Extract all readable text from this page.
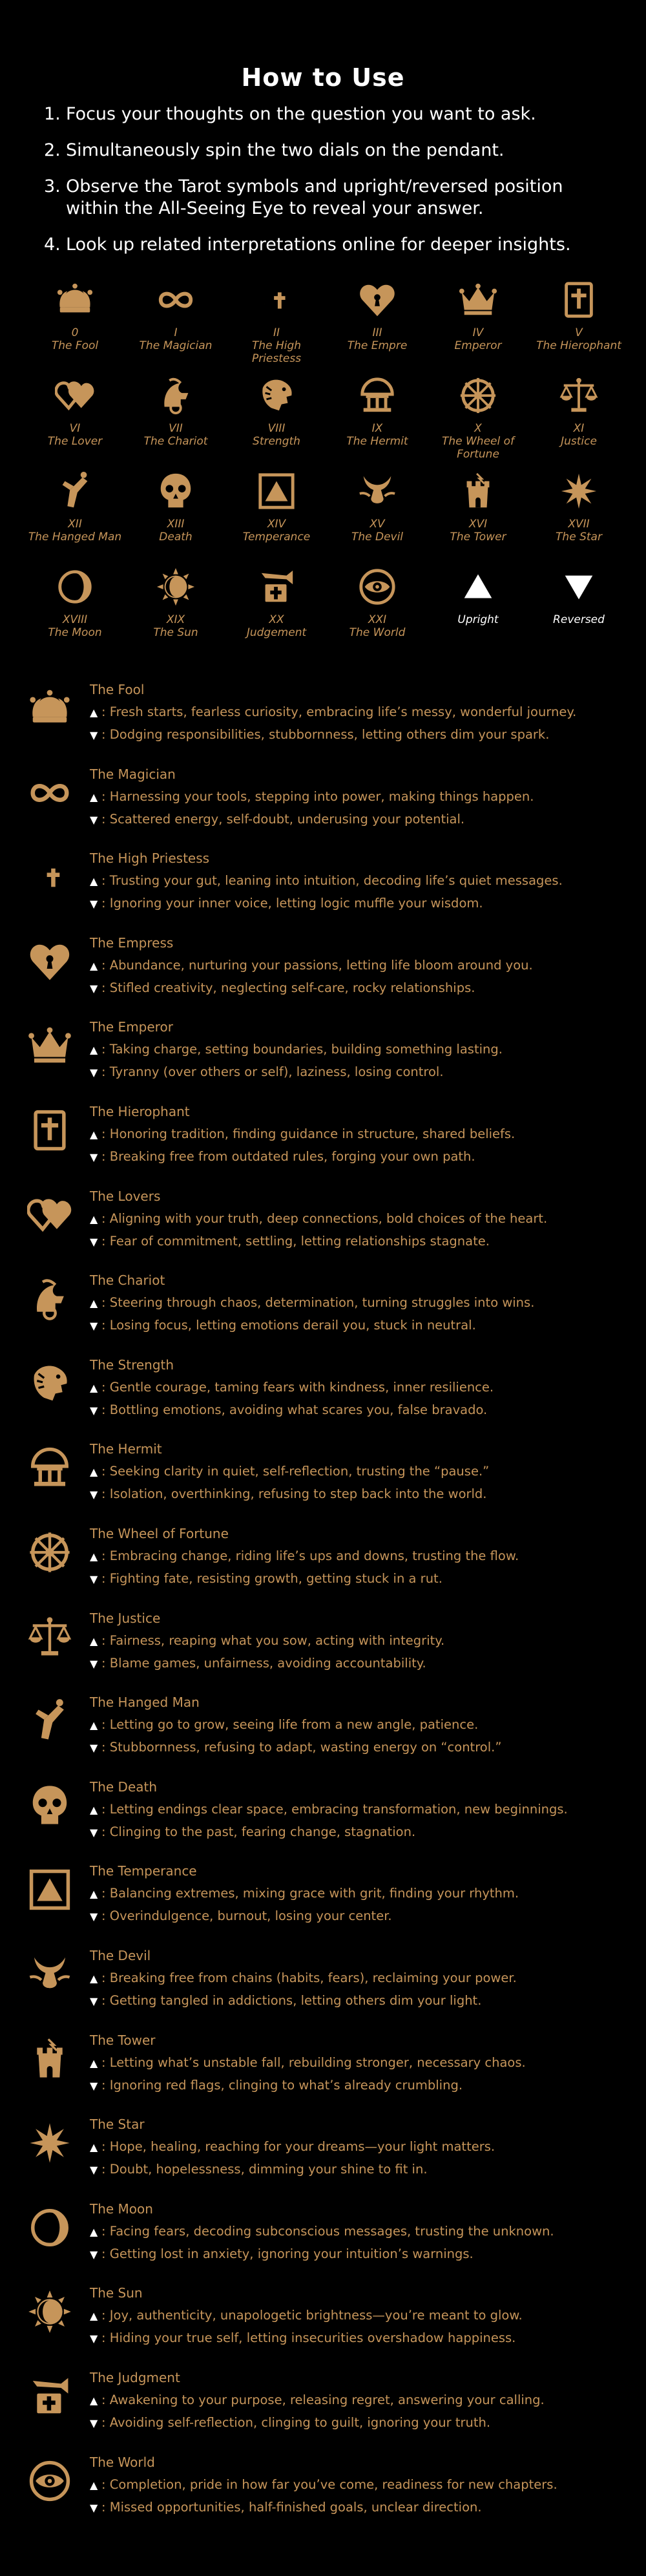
How to Use
1. Focus your thoughts on the question you want to ask.
2. Simultaneously spin the two dials on the pendant.
3. Observe the Tarot symbols and upright/reversed position within the All-Seeing Eye to reveal your answer.
4. Look up related interpretations online for deeper insights.
0
The Fool
I
The Magician
II
The High Priestess
III
The Empre
IV
Emperor
V
The Hierophant
VI
The Lover
VII
The Chariot
VIII
Strength
IX
The Hermit
X
The Wheel of Fortune
XI
Justice
XII
The Hanged Man
XIII
Death
XIV
Temperance
XV
The Devil
XVI
The Tower
XVII
The Star
XVIII
The Moon
XIX
The Sun
XX
Judgement
XXI
The World
Upright	Reversed
The Fool
▲ : Fresh starts, fearless curiosity, embracing life’s messy, wonderful journey.
▼ : Dodging responsibilities, stubbornness, letting others dim your spark.
The Magician
▲ : Harnessing your tools, stepping into power, making things happen.
▼ : Scattered energy, self-doubt, underusing your potential.
The High Priestess
▲ : Trusting your gut, leaning into intuition, decoding life’s quiet messages.
▼ : Ignoring your inner voice, letting logic muffle your wisdom.
The Empress
▲ : Abundance, nurturing your passions, letting life bloom around you.
▼ : Stifled creativity, neglecting self-care, rocky relationships.
The Emperor
▲ : Taking charge, setting boundaries, building something lasting.
▼ : Tyranny (over others or self), laziness, losing control.
The Hierophant
▲ : Honoring tradition, finding guidance in structure, shared beliefs.
▼ : Breaking free from outdated rules, forging your own path.
The Lovers
▲ : Aligning with your truth, deep connections, bold choices of the heart.
▼ : Fear of commitment, settling, letting relationships stagnate.
The Chariot
▲ : Steering through chaos, determination, turning struggles into wins.
▼ : Losing focus, letting emotions derail you, stuck in neutral.
The Strength
▲ : Gentle courage, taming fears with kindness, inner resilience.
▼ : Bottling emotions, avoiding what scares you, false bravado.
The Hermit
▲ : Seeking clarity in quiet, self-reflection, trusting the “pause.”
▼ : Isolation, overthinking, refusing to step back into the world.
The Wheel of Fortune
▲ : Embracing change, riding life’s ups and downs, trusting the flow.
▼ : Fighting fate, resisting growth, getting stuck in a rut.
The Justice
▲ : Fairness, reaping what you sow, acting with integrity.
▼ : Blame games, unfairness, avoiding accountability.
The Hanged Man
▲ : Letting go to grow, seeing life from a new angle, patience.
▼ : Stubbornness, refusing to adapt, wasting energy on “control.”
The Death
▲ : Letting endings clear space, embracing transformation, new beginnings.
▼ : Clinging to the past, fearing change, stagnation.
The Temperance
▲ : Balancing extremes, mixing grace with grit, finding your rhythm.
▼ : Overindulgence, burnout, losing your center.
The Devil
▲ : Breaking free from chains (habits, fears), reclaiming your power.
▼ : Getting tangled in addictions, letting others dim your light.
The Tower
▲ : Letting what’s unstable fall, rebuilding stronger, necessary chaos.
▼ : Ignoring red flags, clinging to what’s already crumbling.
The Star
▲ : Hope, healing, reaching for your dreams—your light matters.
▼ : Doubt, hopelessness, dimming your shine to fit in.
The Moon
▲ : Facing fears, decoding subconscious messages, trusting the unknown.
▼ : Getting lost in anxiety, ignoring your intuition’s warnings.
The Sun
▲ : Joy, authenticity, unapologetic brightness—you’re meant to glow.
▼ : Hiding your true self, letting insecurities overshadow happiness.
The Judgment
▲ : Awakening to your purpose, releasing regret, answering your calling.
▼ : Avoiding self-reflection, clinging to guilt, ignoring your truth.
The World
▲ : Completion, pride in how far you’ve come, readiness for new chapters.
▼ : Missed opportunities, half-finished goals, unclear direction.
